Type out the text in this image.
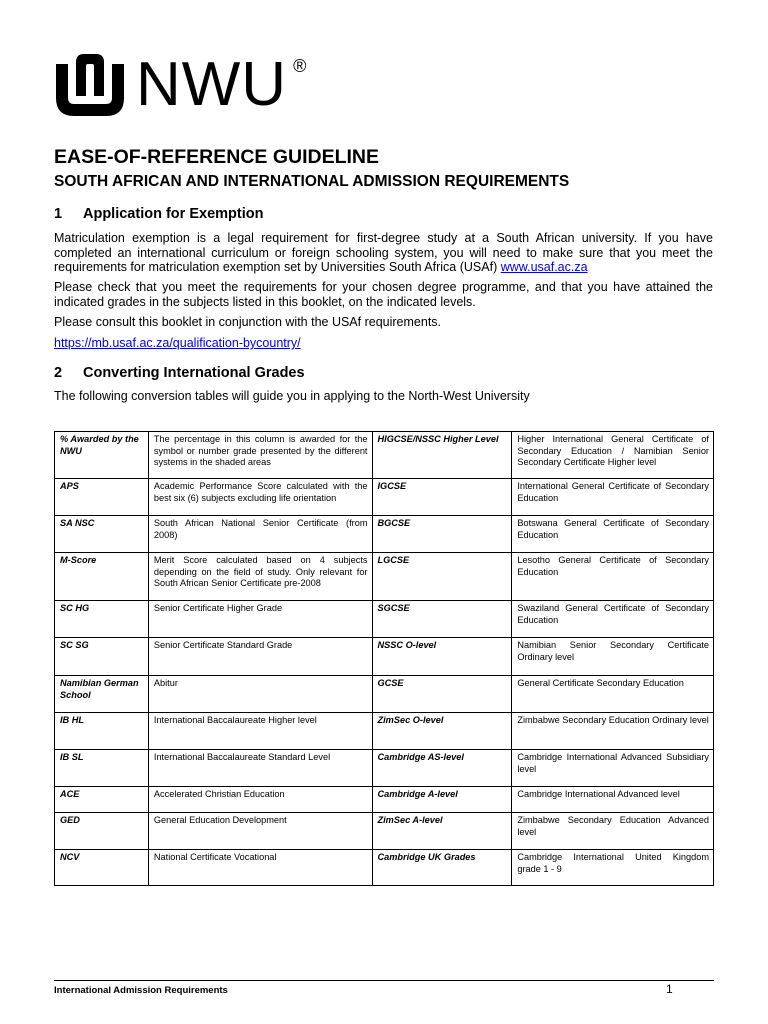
NWU ®
EASE-OF-REFERENCE GUIDELINE
SOUTH AFRICAN AND INTERNATIONAL ADMISSION REQUIREMENTS
1 Application for Exemption
Matriculation exemption is a legal requirement for first-degree study at a South African university. If you have completed an international curriculum or foreign schooling system, you will need to make sure that you meet the requirements for matriculation exemption set by Universities South Africa (USAf) www.usaf.ac.za
Please check that you meet the requirements for your chosen degree programme, and that you have attained the indicated grades in the subjects listed in this booklet, on the indicated levels.
Please consult this booklet in conjunction with the USAf requirements.
https://mb.usaf.ac.za/qualification-bycountry/
2 Converting International Grades
The following conversion tables will guide you in applying to the North-West University
% Awarded by the NWU	The percentage in this column is awarded for the symbol or number grade presented by the different systems in the shaded areas	HIGCSE/NSSC Higher Level	Higher International General Certificate of Secondary Education / Namibian Senior Secondary Certificate Higher level
APS	Academic Performance Score calculated with the best six (6) subjects excluding life orientation	IGCSE	International General Certificate of Secondary Education
SA NSC	South African National Senior Certificate (from 2008)	BGCSE	Botswana General Certificate of Secondary Education
M-Score	Merit Score calculated based on 4 subjects depending on the field of study. Only relevant for South African Senior Certificate pre-2008	LGCSE	Lesotho General Certificate of Secondary Education
SC HG	Senior Certificate Higher Grade	SGCSE	Swaziland General Certificate of Secondary Education
SC SG	Senior Certificate Standard Grade	NSSC O-level	Namibian Senior Secondary Certificate Ordinary level
Namibian German School	Abitur	GCSE	General Certificate Secondary Education
IB HL	International Baccalaureate Higher level	ZimSec O-level	Zimbabwe Secondary Education Ordinary level
IB SL	International Baccalaureate Standard Level	Cambridge AS-level	Cambridge International Advanced Subsidiary level
ACE	Accelerated Christian Education	Cambridge A-level	Cambridge International Advanced level
GED	General Education Development	ZimSec A-level	Zimbabwe Secondary Education Advanced level
NCV	National Certificate Vocational	Cambridge UK Grades	Cambridge International United Kingdom grade 1 - 9
International Admission Requirements	1
